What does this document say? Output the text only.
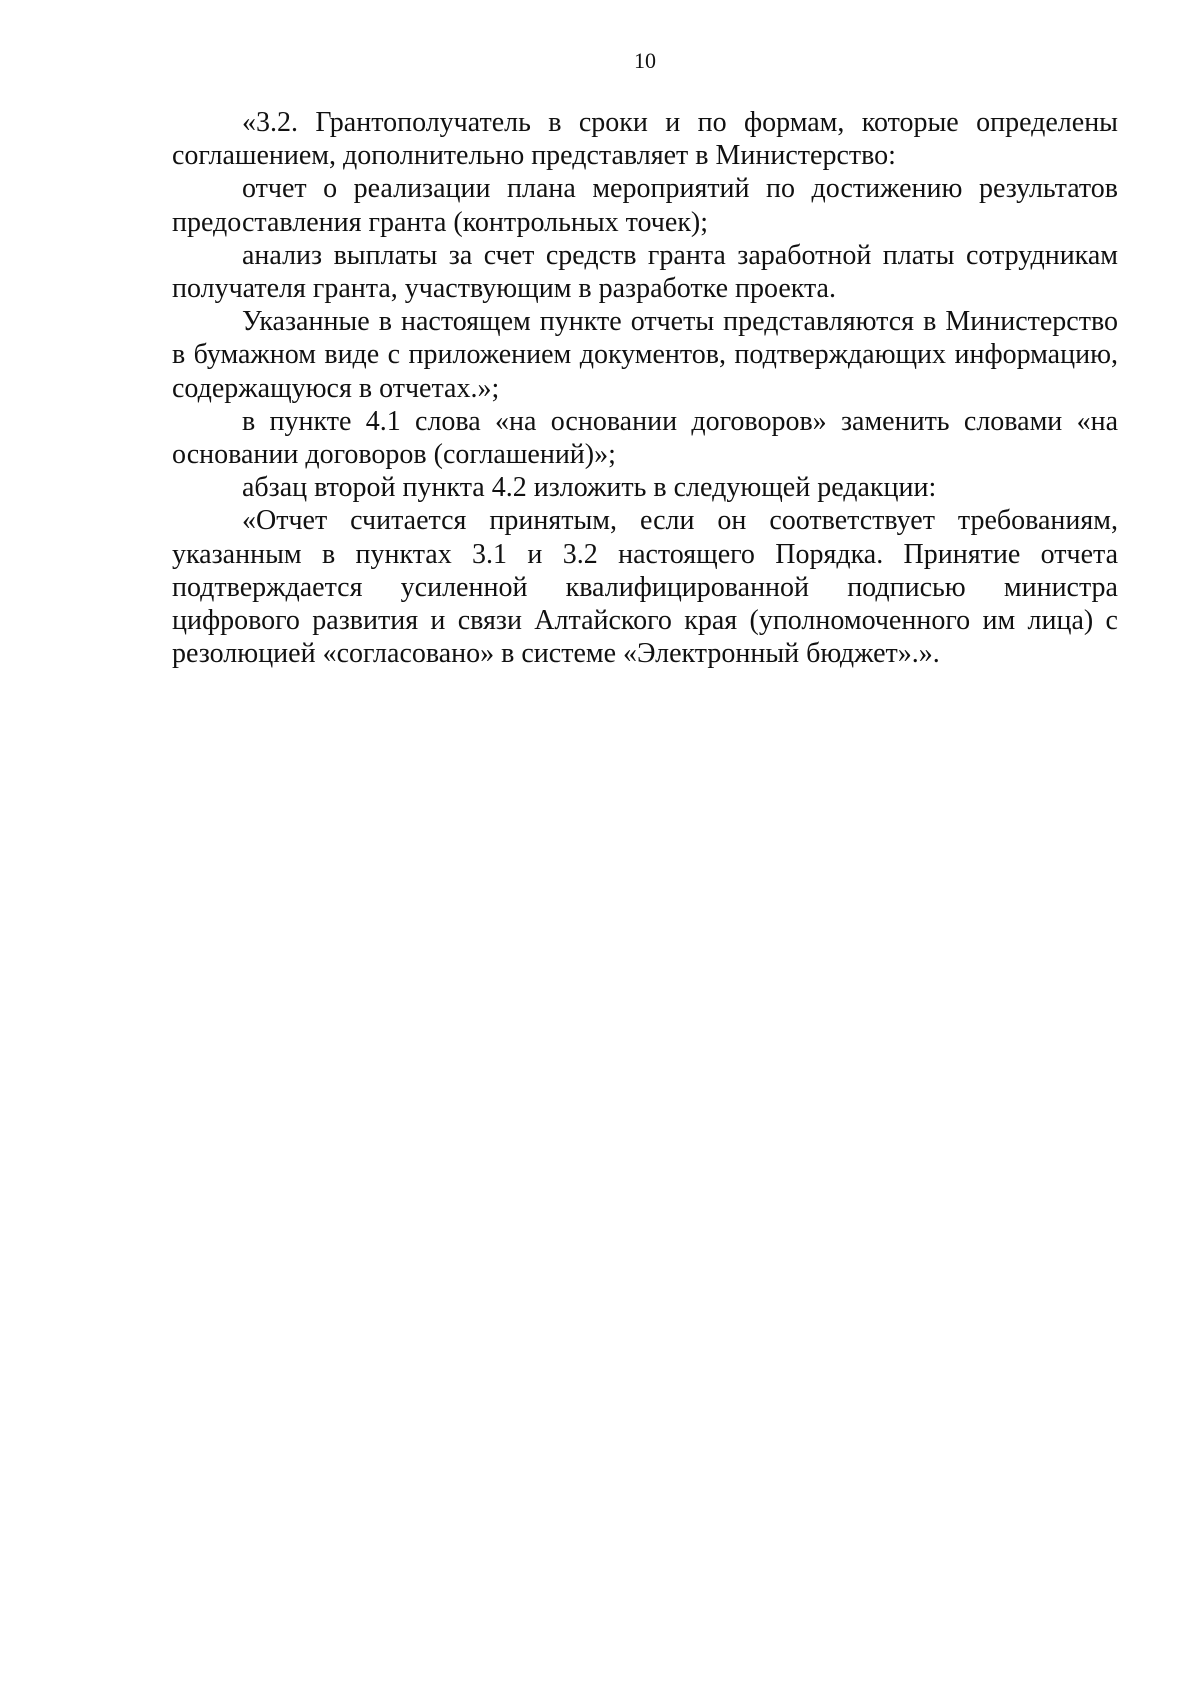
10

«3.2. Грантополучатель в сроки и по формам, которые определены соглашением, дополнительно представляет в Министерство:

отчет о реализации плана мероприятий по достижению результатов предоставления гранта (контрольных точек);

анализ выплаты за счет средств гранта заработной платы сотрудникам получателя гранта, участвующим в разработке проекта.

Указанные в настоящем пункте отчеты представляются в Министерство в бумажном виде с приложением документов, подтверждающих информацию, содержащуюся в отчетах.»;

в пункте 4.1 слова «на основании договоров» заменить словами «на основании договоров (соглашений)»;

абзац второй пункта 4.2 изложить в следующей редакции:

«Отчет считается принятым, если он соответствует требованиям, указанным в пунктах 3.1 и 3.2 настоящего Порядка. Принятие отчета подтверждается усиленной квалифицированной подписью министра цифрового развития и связи Алтайского края (уполномоченного им лица) с резолюцией «согласовано» в системе «Электронный бюджет».».
